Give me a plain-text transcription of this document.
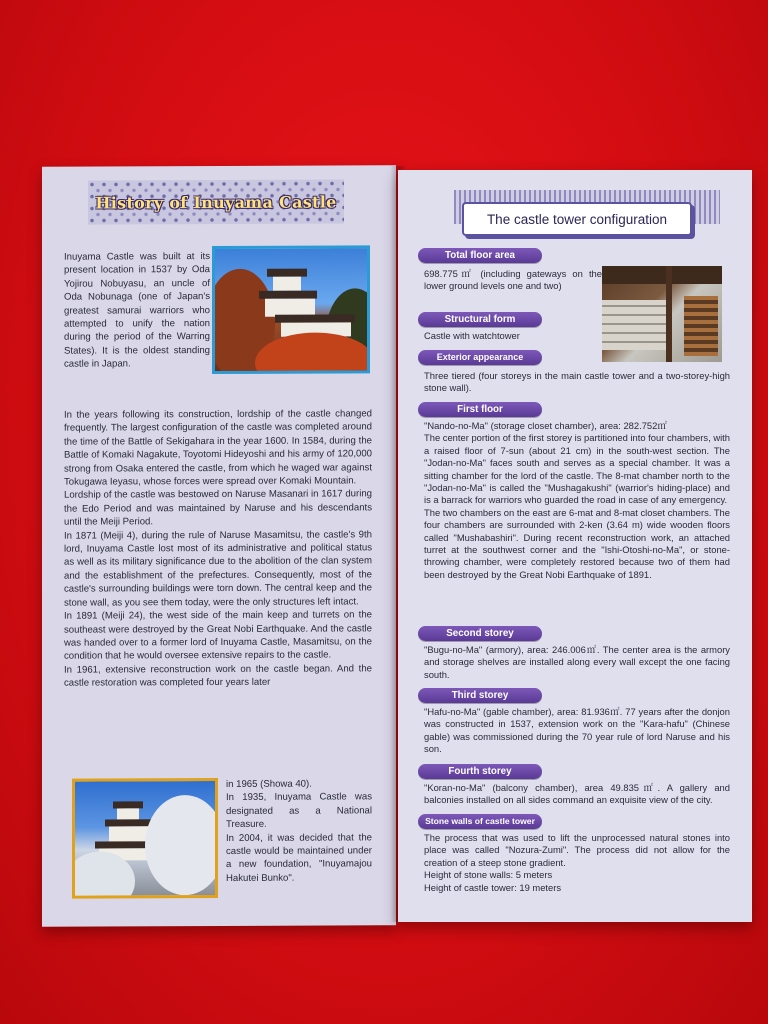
History of Inuyama Castle
Inuyama Castle was built at its present location in 1537 by Oda Yojirou Nobuyasu, an uncle of Oda Nobunaga (one of Japan's greatest samurai warriors who attempted to unify the nation during the period of the Warring States). It is the oldest standing castle in Japan.

In the years following its construction, lordship of the castle changed frequently. The largest configuration of the castle was completed around the time of the Battle of Sekigahara in the year 1600. In 1584, during the Battle of Komaki Nagakute, Toyotomi Hideyoshi and his army of 120,000 strong from Osaka entered the castle, from which he waged war against Tokugawa Ieyasu, whose forces were spread over Komaki Mountain.

Lordship of the castle was bestowed on Naruse Masanari in 1617 during the Edo Period and was maintained by Naruse and his descendants until the Meiji Period.

In 1871 (Meiji 4), during the rule of Naruse Masamitsu, the castle's 9th lord, Inuyama Castle lost most of its administrative and political status as well as its military significance due to the abolition of the clan system and the establishment of the prefectures. Consequently, most of the castle's surrounding buildings were torn down. The central keep and the stone wall, as you see them today, were the only structures left intact.

In 1891 (Meiji 24), the west side of the main keep and turrets on the southeast were destroyed by the Great Nobi Earthquake. And the castle was handed over to a former lord of Inuyama Castle, Masamitsu, on the condition that he would oversee extensive repairs to the castle.

In 1961, extensive reconstruction work on the castle began. And the castle restoration was completed four years later

in 1965 (Showa 40).

In 1935, Inuyama Castle was designated as a National Treasure.

In 2004, it was decided that the castle would be maintained under a new foundation, "Inuyamajou Hakutei Bunko".

The castle tower configuration
Total floor area
698.775㎡ (including gateways on the lower ground levels one and two)
Structural form
Castle with watchtower
Exterior appearance
Three tiered (four storeys in the main castle tower and a two-storey-high stone wall).
First floor
"Nando-no-Ma" (storage closet chamber), area: 282.752㎡
The center portion of the first storey is partitioned into four chambers, with a raised floor of 7-sun (about 21 cm) in the south-west section. The "Jodan-no-Ma" faces south and serves as a special chamber. It was a sitting chamber for the lord of the castle. The 8-mat chamber north to the "Jodan-no-Ma" is called the "Mushagakushi" (warrior's hiding-place) and is a barrack for warriors who guarded the road in case of any emergency.
The two chambers on the east are 6-mat and 8-mat closet chambers. The four chambers are surrounded with 2-ken (3.64 m) wide wooden floors called "Mushabashiri". During recent reconstruction work, an attached turret at the southwest corner and the "Ishi-Otoshi-no-Ma", or stone-throwing chamber, were completely restored because two of them had been destroyed by the Great Nobi Earthquake of 1891.
Second storey
"Bugu-no-Ma" (armory), area: 246.006㎡. The center area is the armory and storage shelves are installed along every wall except the one facing south.
Third storey
"Hafu-no-Ma" (gable chamber), area: 81.936㎡. 77 years after the donjon was constructed in 1537, extension work on the "Kara-hafu" (Chinese gable) was commissioned during the 70 year rule of lord Naruse and his son.
Fourth storey
"Koran-no-Ma" (balcony chamber), area 49.835㎡. A gallery and balconies installed on all sides command an exquisite view of the city.
Stone walls of castle tower
The process that was used to lift the unprocessed natural stones into place was called "Nozura-Zumi". The process did not allow for the creation of a steep stone gradient.
Height of stone walls: 5 meters
Height of castle tower: 19 meters
